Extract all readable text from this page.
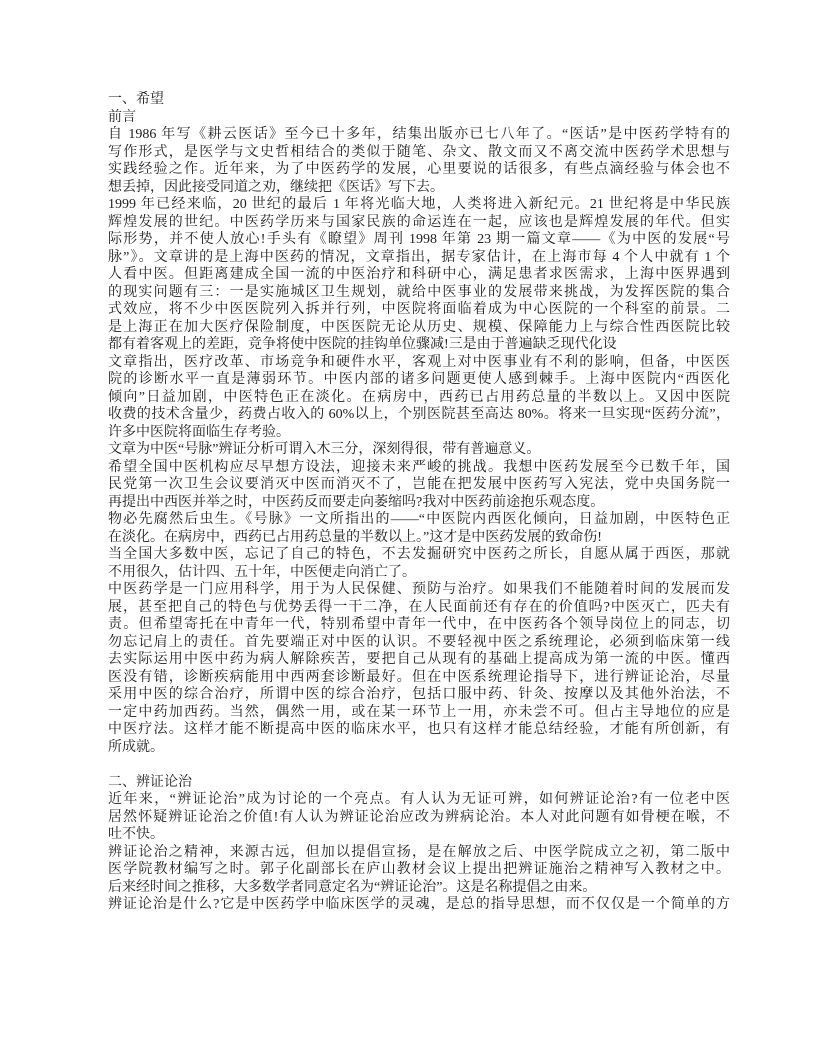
一、希望
前言
自 1986 年写《耕云医话》至今已十多年，结集出版亦已七八年了。“医话”是中医药学特有的
写作形式，是医学与文史哲相结合的类似于随笔、杂文、散文而又不离交流中医药学术思想与
实践经验之作。近年来，为了中医药学的发展，心里要说的话很多，有些点滴经验与体会也不
想丢掉，因此接受同道之劝，继续把《医话》写下去。
1999 年已经来临，20 世纪的最后 1 年将光临大地，人类将进入新纪元。21 世纪将是中华民族
辉煌发展的世纪。中医药学历来与国家民族的命运连在一起，应该也是辉煌发展的年代。但实
际形势，并不使人放心!手头有《瞭望》周刊 1998 年第 23 期一篇文章——《为中医的发展“号
脉”》。文章讲的是上海中医药的情况，文章指出，据专家估计，在上海市每 4 个人中就有 1 个
人看中医。但距离建成全国一流的中医治疗和科研中心，满足患者求医需求，上海中医界遇到
的现实问题有三：一是实施城区卫生规划，就给中医事业的发展带来挑战，为发挥医院的集合
式效应，将不少中医医院列入拆并行列，中医院将面临着成为中心医院的一个科室的前景。二
是上海正在加大医疗保险制度，中医医院无论从历史、规模、保障能力上与综合性西医院比较
都有着客观上的差距，竞争将使中医院的挂钩单位骤减!三是由于普遍缺乏现代化设
文章指出，医疗改革、市场竞争和硬件水平，客观上对中医事业有不利的影响，但备，中医医
院的诊断水平一直是薄弱环节。中医内部的诸多问题更使人感到棘手。上海中医院内“西医化
倾向”日益加剧，中医特色正在淡化。在病房中，西药已占用药总量的半数以上。又因中医院
收费的技术含量少，药费占收入的 60%以上，个别医院甚至高达 80%。将来一旦实现“医药分流”，
许多中医院将面临生存考验。
文章为中医“号脉”辨证分析可谓入木三分，深刻得很，带有普遍意义。
希望全国中医机构应尽早想方设法，迎接未来严峻的挑战。我想中医药发展至今已数千年，国
民党第一次卫生会议要消灭中医而消灭不了，岂能在把发展中医药写入宪法，党中央国务院一
再提出中西医并举之时，中医药反而要走向萎缩吗?我对中医药前途抱乐观态度。
物必先腐然后虫生。《号脉》一文所指出的——“中医院内西医化倾向，日益加剧，中医特色正
在淡化。在病房中，西药已占用药总量的半数以上。”这才是中医药发展的致命伤!
当全国大多数中医，忘记了自己的特色，不去发掘研究中医药之所长，自愿从属于西医，那就
不用很久，估计四、五十年，中医便走向消亡了。
中医药学是一门应用科学，用于为人民保健、预防与治疗。如果我们不能随着时间的发展而发
展，甚至把自己的特色与优势丢得一干二净，在人民面前还有存在的价值吗?中医灭亡，匹夫有
责。但希望寄托在中青年一代，特别希望中青年一代中，在中医药各个领导岗位上的同志，切
勿忘记肩上的责任。首先要端正对中医的认识。不要轻视中医之系统理论，必须到临床第一线
去实际运用中医中药为病人解除疾苦，要把自己从现有的基础上提高成为第一流的中医。懂西
医没有错，诊断疾病能用中西两套诊断最好。但在中医系统理论指导下，进行辨证论治，尽量
采用中医的综合治疗，所谓中医的综合治疗，包括口服中药、针灸、按摩以及其他外治法，不
一定中药加西药。当然，偶然一用，或在某一环节上一用，亦未尝不可。但占主导地位的应是
中医疗法。这样才能不断提高中医的临床水平，也只有这样才能总结经验，才能有所创新，有
所成就。
二、辨证论治
近年来，“辨证论治”成为讨论的一个亮点。有人认为无证可辨，如何辨证论治?有一位老中医
居然怀疑辨证论治之价值!有人认为辨证论治应改为辨病论治。本人对此问题有如骨梗在喉，不
吐不快。
辨证论治之精神，来源古远，但加以提倡宣扬，是在解放之后、中医学院成立之初，第二版中
医学院教材编写之时。郭子化副部长在庐山教材会议上提出把辨证施治之精神写入教材之中。
后来经时间之推移，大多数学者同意定名为“辨证论治”。这是名称提倡之由来。
辨证论治是什么?它是中医药学中临床医学的灵魂，是总的指导思想，而不仅仅是一个简单的方
